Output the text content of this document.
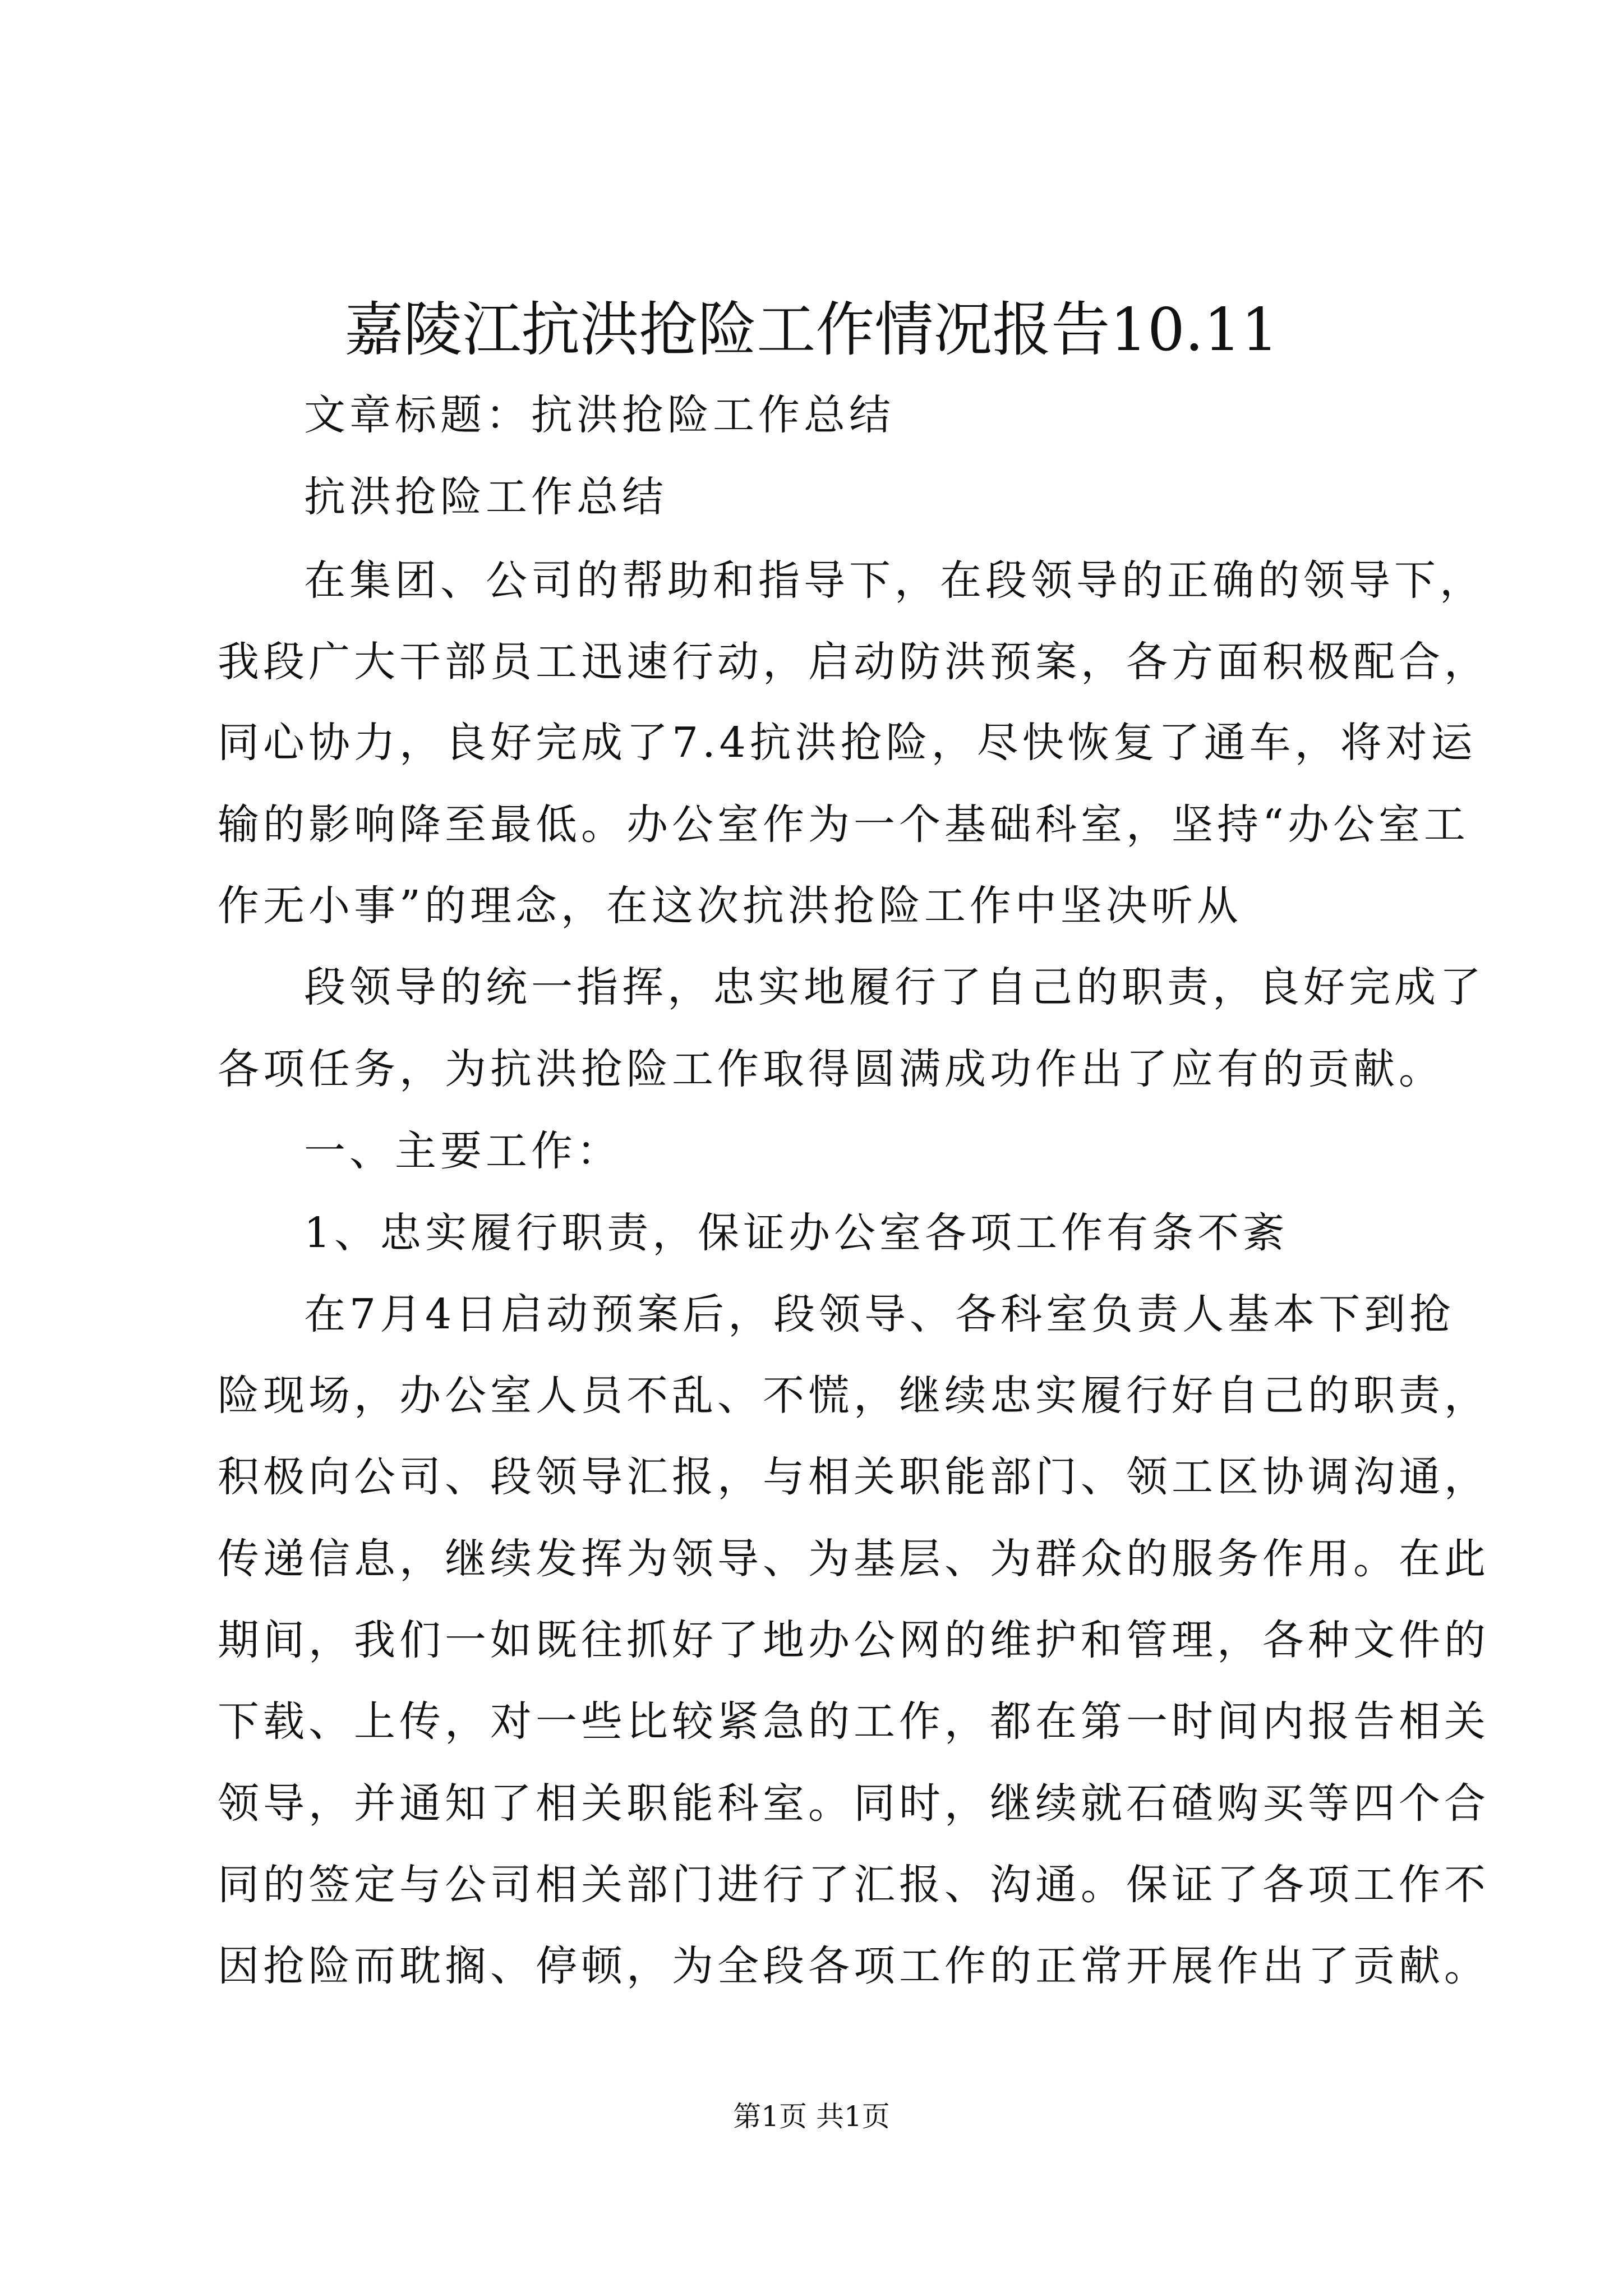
嘉陵江抗洪抢险工作情况报告10.11
文章标题：抗洪抢险工作总结
抗洪抢险工作总结
在集团、公司的帮助和指导下，在段领导的正确的领导下，
我段广大干部员工迅速行动，启动防洪预案，各方面积极配合，
同心协力，良好完成了7.4抗洪抢险，尽快恢复了通车，将对运
输的影响降至最低。办公室作为一个基础科室，坚持“办公室工
作无小事”的理念，在这次抗洪抢险工作中坚决听从
段领导的统一指挥，忠实地履行了自己的职责，良好完成了
各项任务，为抗洪抢险工作取得圆满成功作出了应有的贡献。
一、主要工作：
1、忠实履行职责，保证办公室各项工作有条不紊
在7月4日启动预案后，段领导、各科室负责人基本下到抢
险现场，办公室人员不乱、不慌，继续忠实履行好自己的职责，
积极向公司、段领导汇报，与相关职能部门、领工区协调沟通，
传递信息，继续发挥为领导、为基层、为群众的服务作用。在此
期间，我们一如既往抓好了地办公网的维护和管理，各种文件的
下载、上传，对一些比较紧急的工作，都在第一时间内报告相关
领导，并通知了相关职能科室。同时，继续就石碴购买等四个合
同的签定与公司相关部门进行了汇报、沟通。保证了各项工作不
因抢险而耽搁、停顿，为全段各项工作的正常开展作出了贡献。
第1页 共1页
